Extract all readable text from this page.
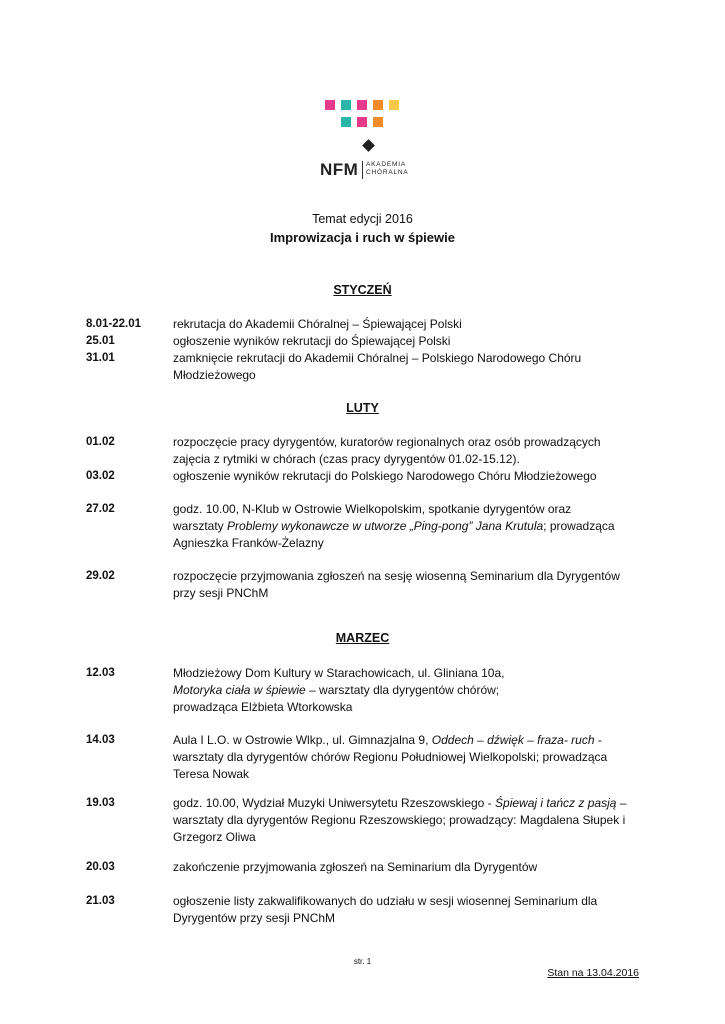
NFM AKADEMIA
CHÓRALNA
Temat edycji 2016
Improwizacja i ruch w śpiewie
STYCZEŃ
8.01-22.01	rekrutacja do Akademii Chóralnej – Śpiewającej Polski
25.01	ogłoszenie wyników rekrutacji do Śpiewającej Polski
31.01	zamknięcie rekrutacji do Akademii Chóralnej – Polskiego Narodowego Chóru
Młodzieżowego
LUTY
01.02	rozpoczęcie pracy dyrygentów, kuratorów regionalnych oraz osób prowadzących
zajęcia z rytmiki w chórach (czas pracy dyrygentów 01.02-15.12).
03.02	ogłoszenie wyników rekrutacji do Polskiego Narodowego Chóru Młodzieżowego
27.02	godz. 10.00, N-Klub w Ostrowie Wielkopolskim, spotkanie dyrygentów oraz
warsztaty Problemy wykonawcze w utworze „Ping-pong” Jana Krutula; prowadząca
Agnieszka Franków-Żelazny
29.02	rozpoczęcie przyjmowania zgłoszeń na sesję wiosenną Seminarium dla Dyrygentów
przy sesji PNChM
MARZEC
12.03	Młodzieżowy Dom Kultury w Starachowicach, ul. Gliniana 10a,
Motoryka ciała w śpiewie – warsztaty dla dyrygentów chórów;
prowadząca Elżbieta Wtorkowska
14.03	Aula I L.O. w Ostrowie Wlkp., ul. Gimnazjalna 9, Oddech – dźwięk – fraza- ruch -
warsztaty dla dyrygentów chórów Regionu Południowej Wielkopolski; prowadząca
Teresa Nowak
19.03	godz. 10.00, Wydział Muzyki Uniwersytetu Rzeszowskiego - Śpiewaj i tańcz z pasją –
warsztaty dla dyrygentów Regionu Rzeszowskiego; prowadzący: Magdalena Słupek i
Grzegorz Oliwa
20.03	zakończenie przyjmowania zgłoszeń na Seminarium dla Dyrygentów
21.03	ogłoszenie listy zakwalifikowanych do udziału w sesji wiosennej Seminarium dla
Dyrygentów przy sesji PNChM
str. 1
Stan na 13.04.2016
